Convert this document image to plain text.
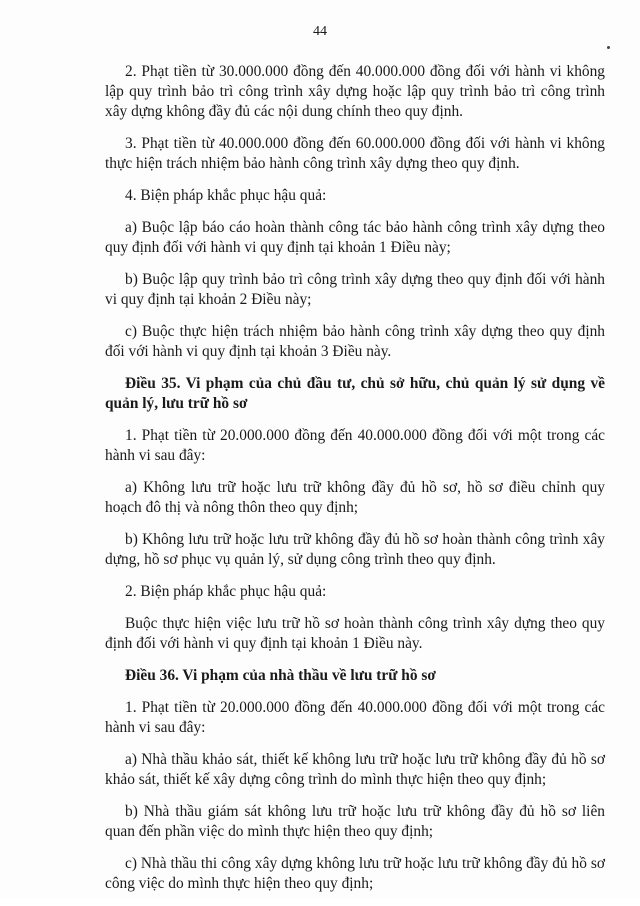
44

2. Phạt tiền từ 30.000.000 đồng đến 40.000.000 đồng đối với hành vi không lập quy trình bảo trì công trình xây dựng hoặc lập quy trình bảo trì công trình xây dựng không đầy đủ các nội dung chính theo quy định.

3. Phạt tiền từ 40.000.000 đồng đến 60.000.000 đồng đối với hành vi không thực hiện trách nhiệm bảo hành công trình xây dựng theo quy định.

4. Biện pháp khắc phục hậu quả:

a) Buộc lập báo cáo hoàn thành công tác bảo hành công trình xây dựng theo quy định đối với hành vi quy định tại khoản 1 Điều này;

b) Buộc lập quy trình bảo trì công trình xây dựng theo quy định đối với hành vi quy định tại khoản 2 Điều này;

c) Buộc thực hiện trách nhiệm bảo hành công trình xây dựng theo quy định đối với hành vi quy định tại khoản 3 Điều này.

Điều 35. Vi phạm của chủ đầu tư, chủ sở hữu, chủ quản lý sử dụng về quản lý, lưu trữ hồ sơ

1. Phạt tiền từ 20.000.000 đồng đến 40.000.000 đồng đối với một trong các hành vi sau đây:

a) Không lưu trữ hoặc lưu trữ không đầy đủ hồ sơ, hồ sơ điều chỉnh quy hoạch đô thị và nông thôn theo quy định;

b) Không lưu trữ hoặc lưu trữ không đầy đủ hồ sơ hoàn thành công trình xây dựng, hồ sơ phục vụ quản lý, sử dụng công trình theo quy định.

2. Biện pháp khắc phục hậu quả:

Buộc thực hiện việc lưu trữ hồ sơ hoàn thành công trình xây dựng theo quy định đối với hành vi quy định tại khoản 1 Điều này.

Điều 36. Vi phạm của nhà thầu về lưu trữ hồ sơ

1. Phạt tiền từ 20.000.000 đồng đến 40.000.000 đồng đối với một trong các hành vi sau đây:

a) Nhà thầu khảo sát, thiết kế không lưu trữ hoặc lưu trữ không đầy đủ hồ sơ khảo sát, thiết kế xây dựng công trình do mình thực hiện theo quy định;

b) Nhà thầu giám sát không lưu trữ hoặc lưu trữ không đầy đủ hồ sơ liên quan đến phần việc do mình thực hiện theo quy định;

c) Nhà thầu thi công xây dựng không lưu trữ hoặc lưu trữ không đầy đủ hồ sơ công việc do mình thực hiện theo quy định;
